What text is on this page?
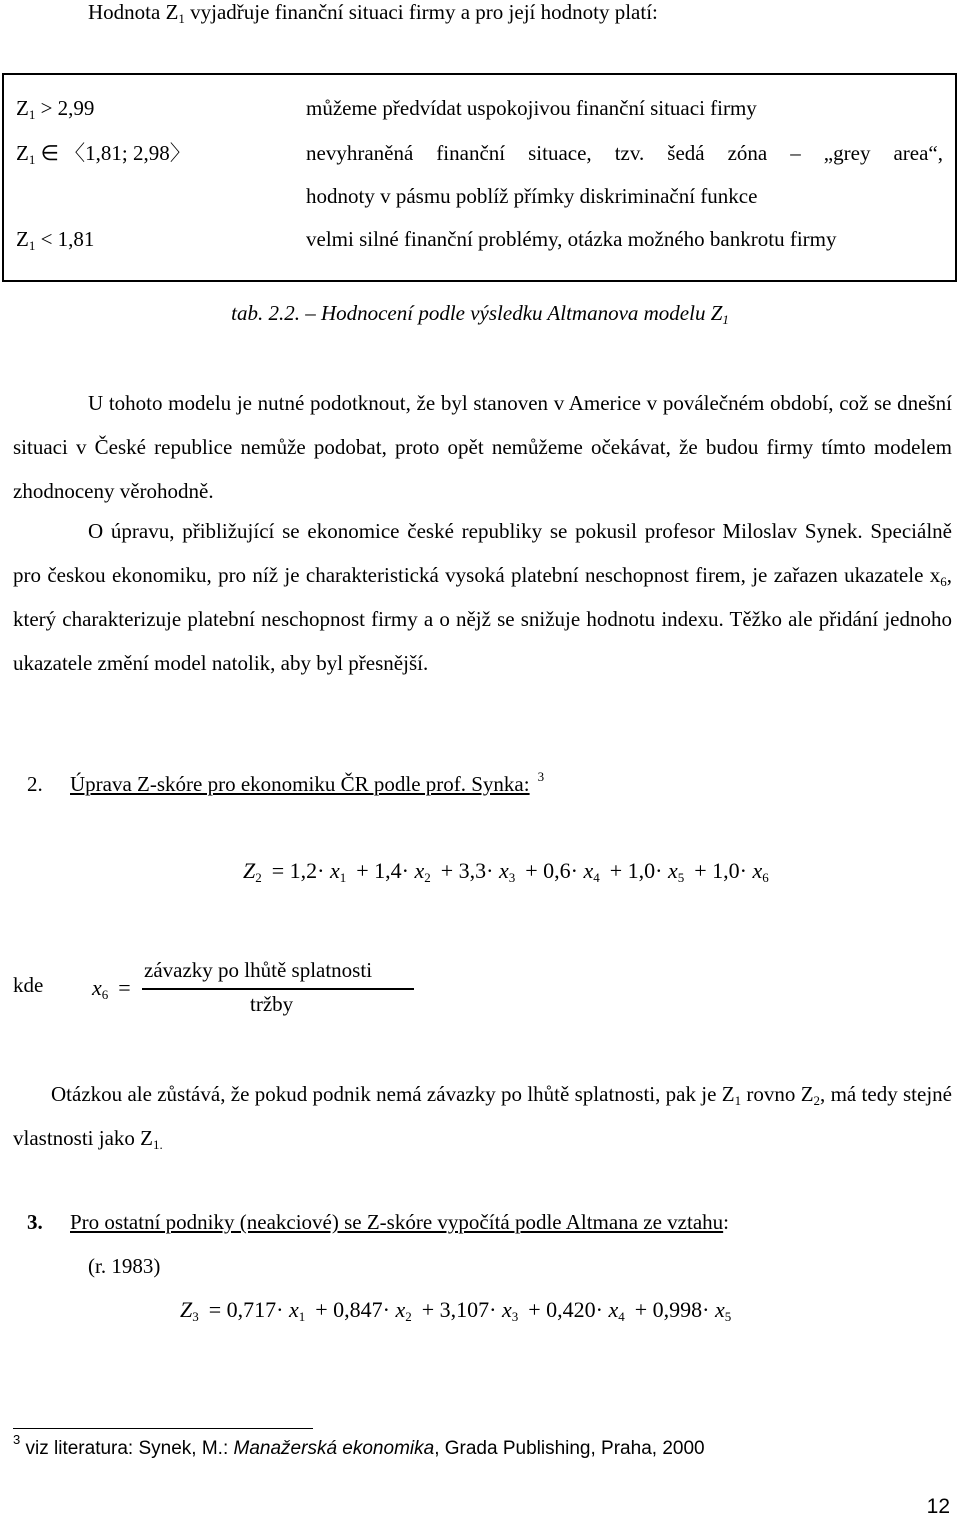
Hodnota $Z_1$ vyjadřuje finanční situaci firmy a pro její hodnoty platí:
$Z_1 > 2,99$	můžeme předvídat uspokojivou finanční situaci firmy
$Z_1$ ∈ 〈1,81; 2,98〉	nevyhraněná finanční situace, tzv. šedá zóna – „grey area“,
hodnoty v pásmu poblíž přímky diskriminační funkce
$Z_1 < 1,81$	velmi silné finanční problémy, otázka možného bankrotu firmy
tab. 2.2. – Hodnocení podle výsledku Altmanova modelu $Z_1$
U tohoto modelu je nutné podotknout, že byl stanoven v Americe v poválečném období, což se dnešní situaci v České republice nemůže podobat, proto opět nemůžeme očekávat, že budou firmy tímto modelem zhodnoceny věrohodně.
O úpravu, přibližující se ekonomice české republiky se pokusil profesor Miloslav Synek. Speciálně pro českou ekonomiku, pro níž je charakteristická vysoká platební neschopnost firem, je zařazen ukazatele $x_6$, který charakterizuje platební neschopnost firmy a o nějž se snižuje hodnotu indexu. Těžko ale přidání jednoho ukazatele změní model natolik, aby byl přesnější.
2. Úprava Z-skóre pro ekonomiku ČR podle prof. Synka: $^3$
$Z_2 = 1,2\cdot x_1 + 1,4\cdot x_2 + 3,3\cdot x_3 + 0,6\cdot x_4 + 1,0\cdot x_5 + 1,0\cdot x_6$
kde $x_6$ =
závazky po lhůtě splatnosti
tržby
Otázkou ale zůstává, že pokud podnik nemá závazky po lhůtě splatnosti, pak je $Z_1$ rovno $Z_2$, má tedy stejné vlastnosti jako $Z_{1.}$
3. Pro ostatní podniky (neakciové) se Z-skóre vypočítá podle Altmana ze vztahu:
(r. 1983)
$Z_3 = 0,717\cdot x_1 + 0,847\cdot x_2 + 3,107\cdot x_3 + 0,420\cdot x_4 + 0,998\cdot x_5$
$^3$ viz literatura: Synek, M.: Manažerská ekonomika, Grada Publishing, Praha, 2000
12
